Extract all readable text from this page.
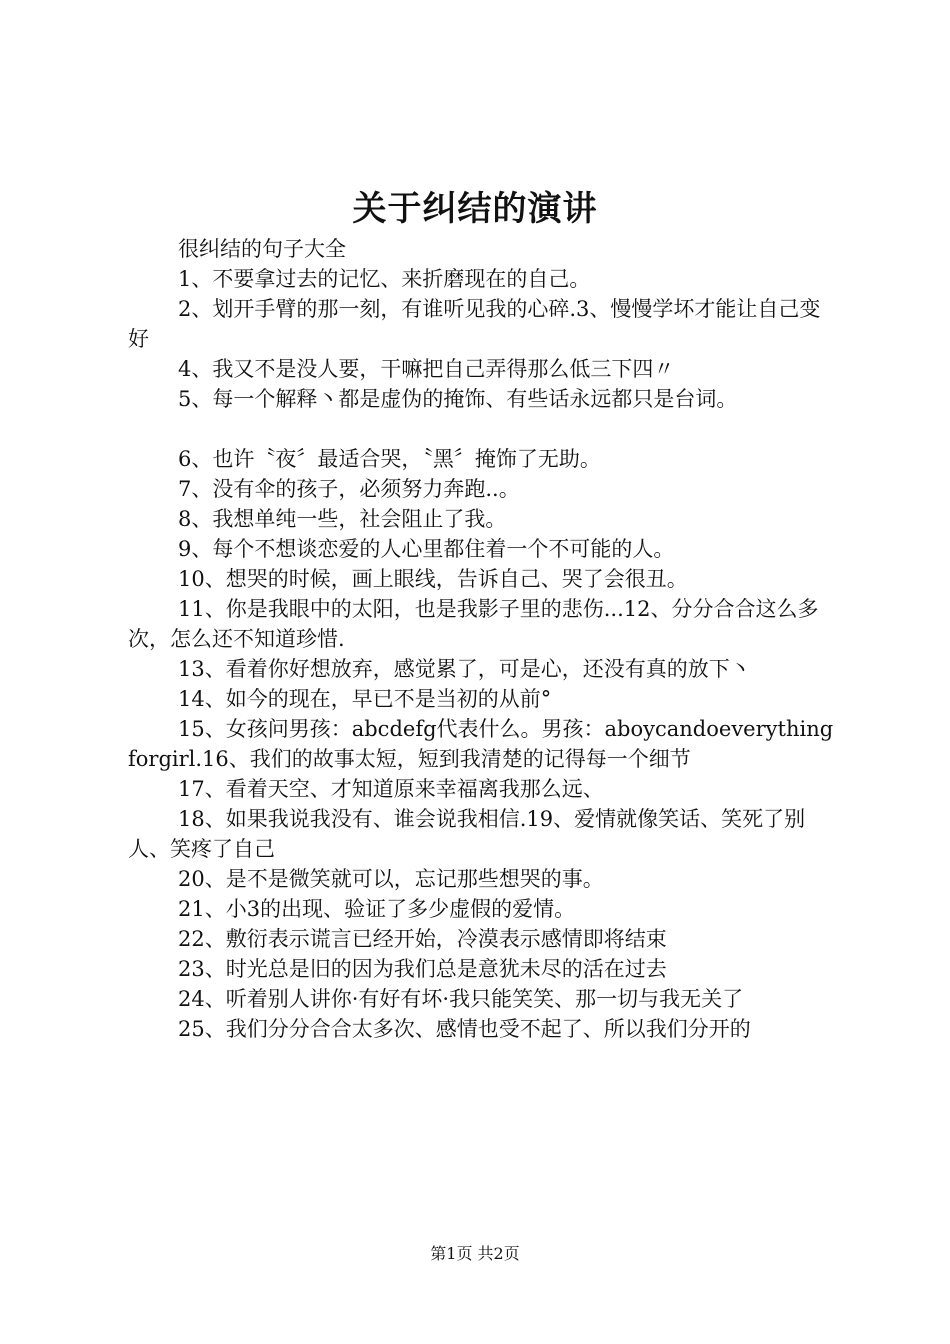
关于纠结的演讲

很纠结的句子大全

1、不要拿过去的记忆、来折磨现在的自己。

2、划开手臂的那一刻，有谁听见我的心碎.3、慢慢学坏才能让自己变好

4、我又不是没人要，干嘛把自己弄得那么低三下四〃

5、每一个解释丶都是虚伪的掩饰、有些话永远都只是台词。

6、也许〝夜〞最适合哭，〝黑〞掩饰了无助。

7、没有伞的孩子，必须努力奔跑..。

8、我想单纯一些，社会阻止了我。

9、每个不想谈恋爱的人心里都住着一个不可能的人。

10、想哭的时候，画上眼线，告诉自己、哭了会很丑。

11、你是我眼中的太阳，也是我影子里的悲伤...12、分分合合这么多次，怎么还不知道珍惜.

13、看着你好想放弃，感觉累了，可是心，还没有真的放下丶

14、如今的现在，早已不是当初的从前°

15、女孩问男孩：abcdefg代表什么。男孩：aboycandoeverythingforgirl.16、我们的故事太短，短到我清楚的记得每一个细节

17、看着天空、才知道原来幸福离我那么远、

18、如果我说我没有、谁会说我相信.19、爱情就像笑话、笑死了别人、笑疼了自己

20、是不是微笑就可以，忘记那些想哭的事。

21、小3的出现、验证了多少虚假的爱情。

22、敷衍表示谎言已经开始，冷漠表示感情即将结束

23、时光总是旧的因为我们总是意犹未尽的活在过去

24、听着别人讲你·有好有坏·我只能笑笑、那一切与我无关了

25、我们分分合合太多次、感情也受不起了、所以我们分开的

第1页 共2页
